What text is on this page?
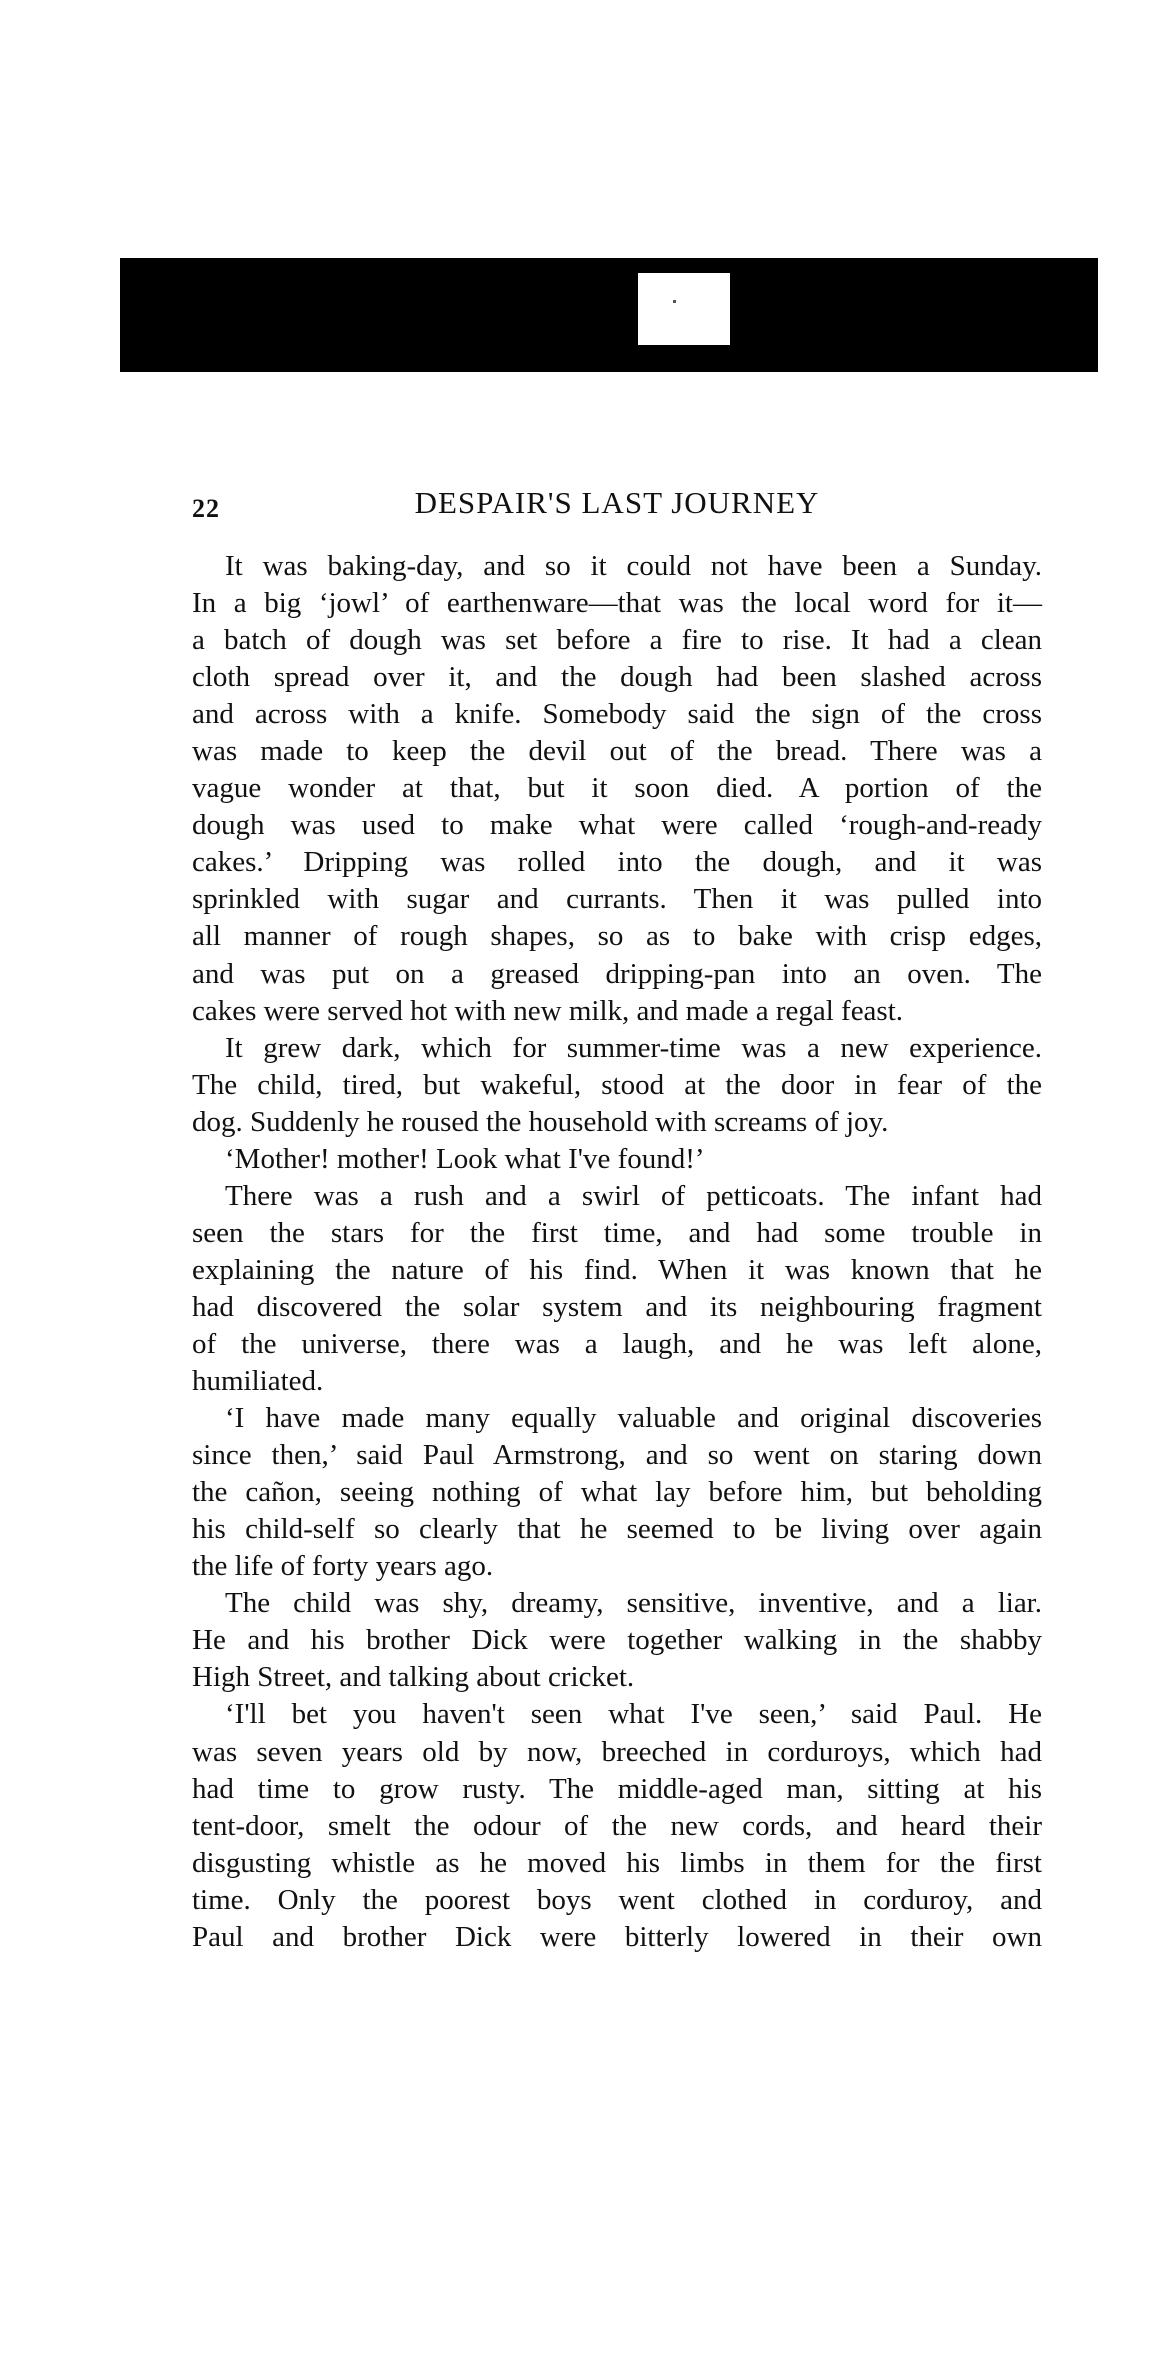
22	DESPAIR'S LAST JOURNEY
It was baking-day, and so it could not have been a Sunday.
In a big ‘jowl’ of earthenware—that was the local word for it—
a batch of dough was set before a fire to rise. It had a clean
cloth spread over it, and the dough had been slashed across
and across with a knife. Somebody said the sign of the cross
was made to keep the devil out of the bread. There was a
vague wonder at that, but it soon died. A portion of the
dough was used to make what were called ‘rough-and-ready
cakes.’ Dripping was rolled into the dough, and it was
sprinkled with sugar and currants. Then it was pulled into
all manner of rough shapes, so as to bake with crisp edges,
and was put on a greased dripping-pan into an oven. The
cakes were served hot with new milk, and made a regal feast.
It grew dark, which for summer-time was a new experience.
The child, tired, but wakeful, stood at the door in fear of the
dog. Suddenly he roused the household with screams of joy.
‘Mother! mother! Look what I've found!’
There was a rush and a swirl of petticoats. The infant had
seen the stars for the first time, and had some trouble in
explaining the nature of his find. When it was known that he
had discovered the solar system and its neighbouring fragment
of the universe, there was a laugh, and he was left alone,
humiliated.
‘I have made many equally valuable and original discoveries
since then,’ said Paul Armstrong, and so went on staring down
the cañon, seeing nothing of what lay before him, but beholding
his child-self so clearly that he seemed to be living over again
the life of forty years ago.
The child was shy, dreamy, sensitive, inventive, and a liar.
He and his brother Dick were together walking in the shabby
High Street, and talking about cricket.
‘I'll bet you haven't seen what I've seen,’ said Paul. He
was seven years old by now, breeched in corduroys, which had
had time to grow rusty. The middle-aged man, sitting at his
tent-door, smelt the odour of the new cords, and heard their
disgusting whistle as he moved his limbs in them for the first
time. Only the poorest boys went clothed in corduroy, and
Paul and brother Dick were bitterly lowered in their own
